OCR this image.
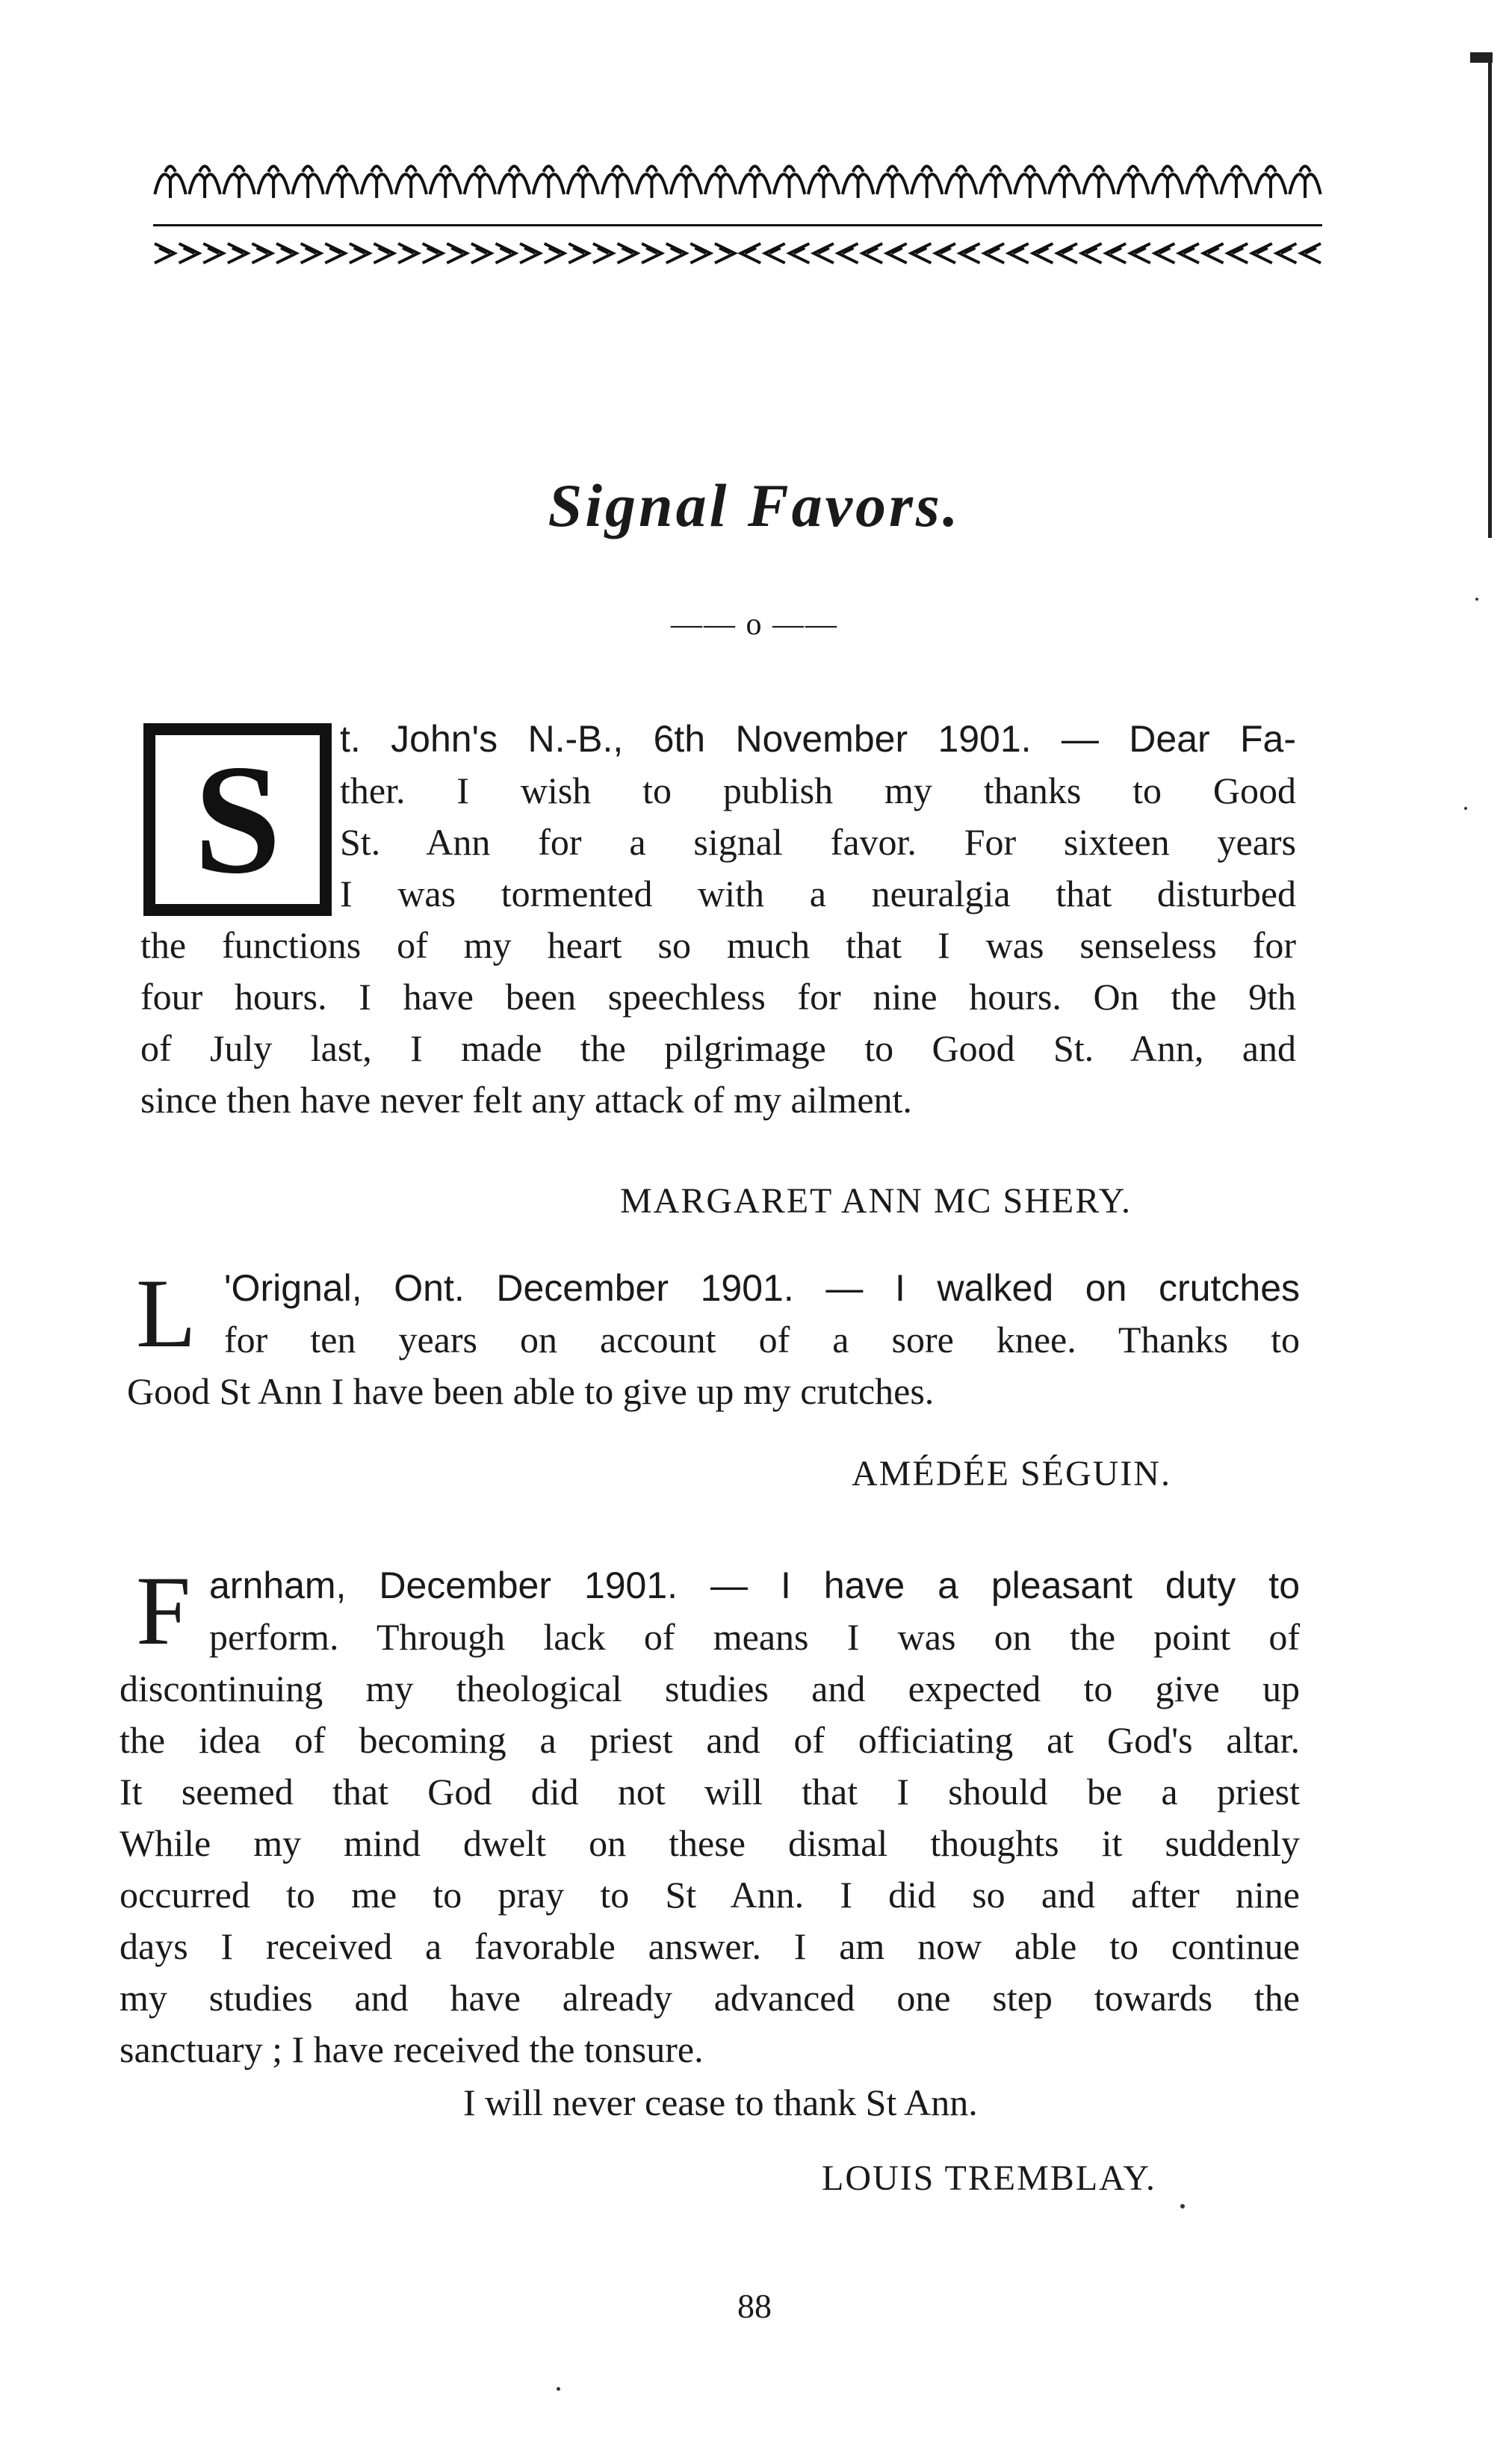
Signal Favors.
—— o ——
S t. John's N.-B., 6th November 1901. — Dear Fa-
ther. I wish to publish my thanks to Good
St. Ann for a signal favor. For sixteen years
I was tormented with a neuralgia that disturbed
the functions of my heart so much that I was senseless for
four hours. I have been speechless for nine hours. On the 9th
of July last, I made the pilgrimage to Good St. Ann, and
since then have never felt any attack of my ailment.
MARGARET ANN MC SHERY.
L 'Orignal, Ont. December 1901. — I walked on crutches
for ten years on account of a sore knee. Thanks to
Good St Ann I have been able to give up my crutches.
AMÉDÉE SÉGUIN.
F arnham, December 1901. — I have a pleasant duty to
perform. Through lack of means I was on the point of
discontinuing my theological studies and expected to give up
the idea of becoming a priest and of officiating at God's altar.
It seemed that God did not will that I should be a priest
While my mind dwelt on these dismal thoughts it suddenly
occurred to me to pray to St Ann. I did so and after nine
days I received a favorable answer. I am now able to continue
my studies and have already advanced one step towards the
sanctuary ; I have received the tonsure.
I will never cease to thank St Ann.
LOUIS TREMBLAY.
88
